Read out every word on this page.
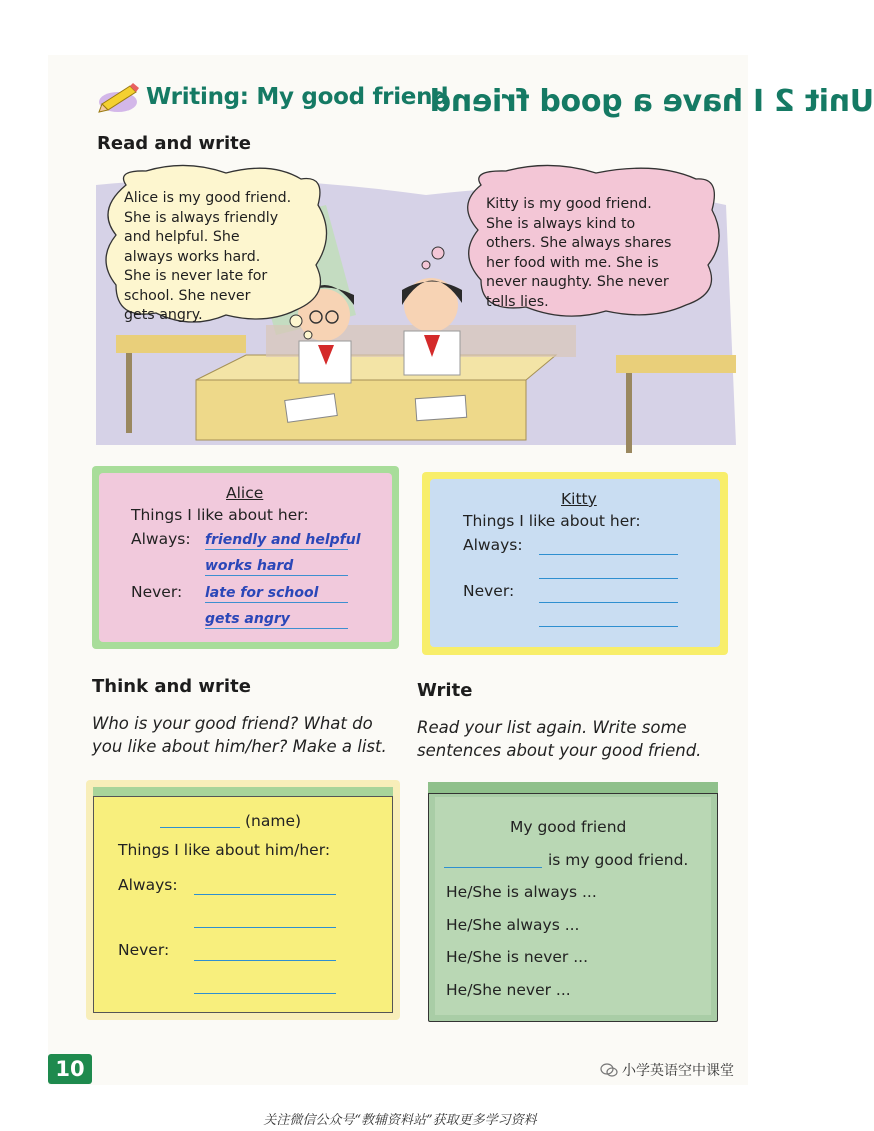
Unit 2 I have a good friend
Writing: My good friend
Read and write
Alice is my good friend.
She is always friendly
and helpful. She
always works hard.
She is never late for
school. She never
gets angry.
Kitty is my good friend.
She is always kind to
others. She always shares
her food with me. She is
never naughty. She never
tells lies.
Alice
Things I like about her:
Always: friendly and helpful
works hard
Never: late for school
gets angry
Kitty
Things I like about her:
Always:
Never:
Think and write	Write
Who is your good friend? What do
you like about him/her? Make a list.
Read your list again. Write some
sentences about your good friend.
(name)
Things I like about him/her:
Always:
Never:
My good friend
is my good friend.
He/She is always ...
He/She always ...
He/She is never ...
He/She never ...
10	小学英语空中课堂
关注微信公众号“教辅资料站”获取更多学习资料
